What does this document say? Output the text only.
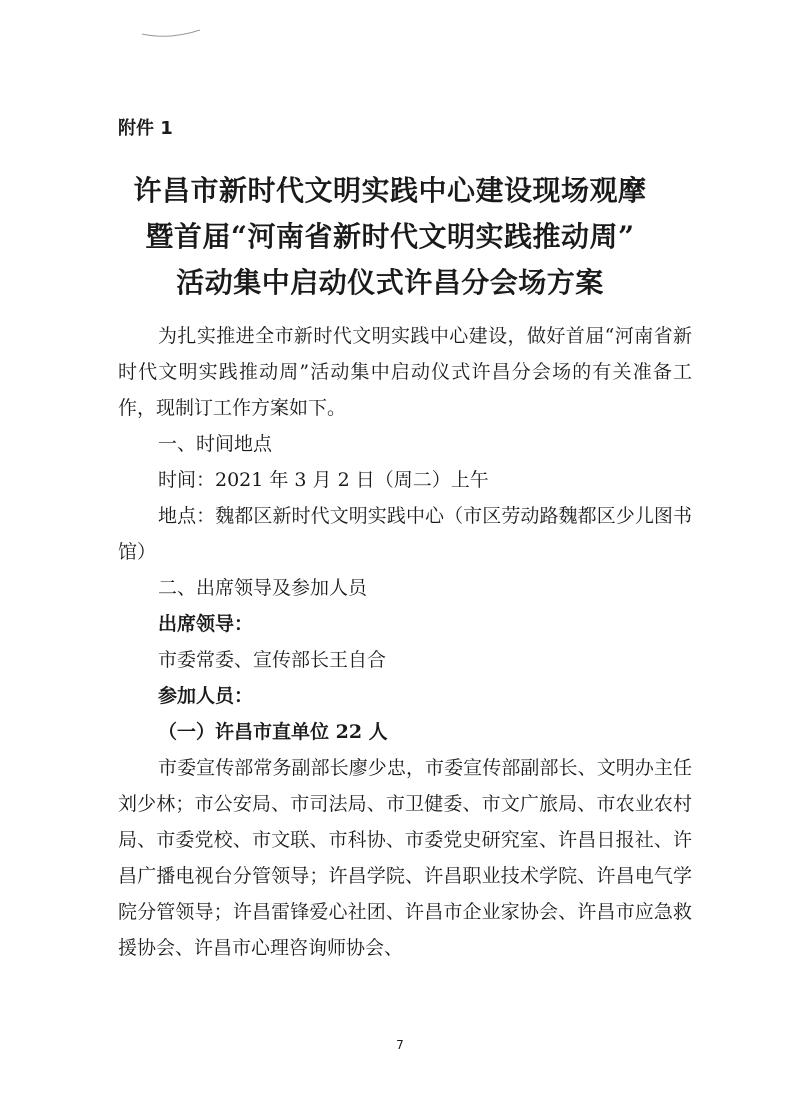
附件 1
许昌市新时代文明实践中心建设现场观摩
暨首届“河南省新时代文明实践推动周”
活动集中启动仪式许昌分会场方案

为扎实推进全市新时代文明实践中心建设，做好首届“河南省新时代文明实践推动周”活动集中启动仪式许昌分会场的有关准备工作，现制订工作方案如下。

一、时间地点

时间：2021 年 3 月 2 日（周二）上午

地点：魏都区新时代文明实践中心（市区劳动路魏都区少儿图书馆）

二、出席领导及参加人员

出席领导：

市委常委、宣传部长王自合

参加人员：

（一）许昌市直单位 22 人

市委宣传部常务副部长廖少忠，市委宣传部副部长、文明办主任刘少林；市公安局、市司法局、市卫健委、市文广旅局、市农业农村局、市委党校、市文联、市科协、市委党史研究室、许昌日报社、许昌广播电视台分管领导；许昌学院、许昌职业技术学院、许昌电气学院分管领导；许昌雷锋爱心社团、许昌市企业家协会、许昌市应急救援协会、许昌市心理咨询师协会、

7
